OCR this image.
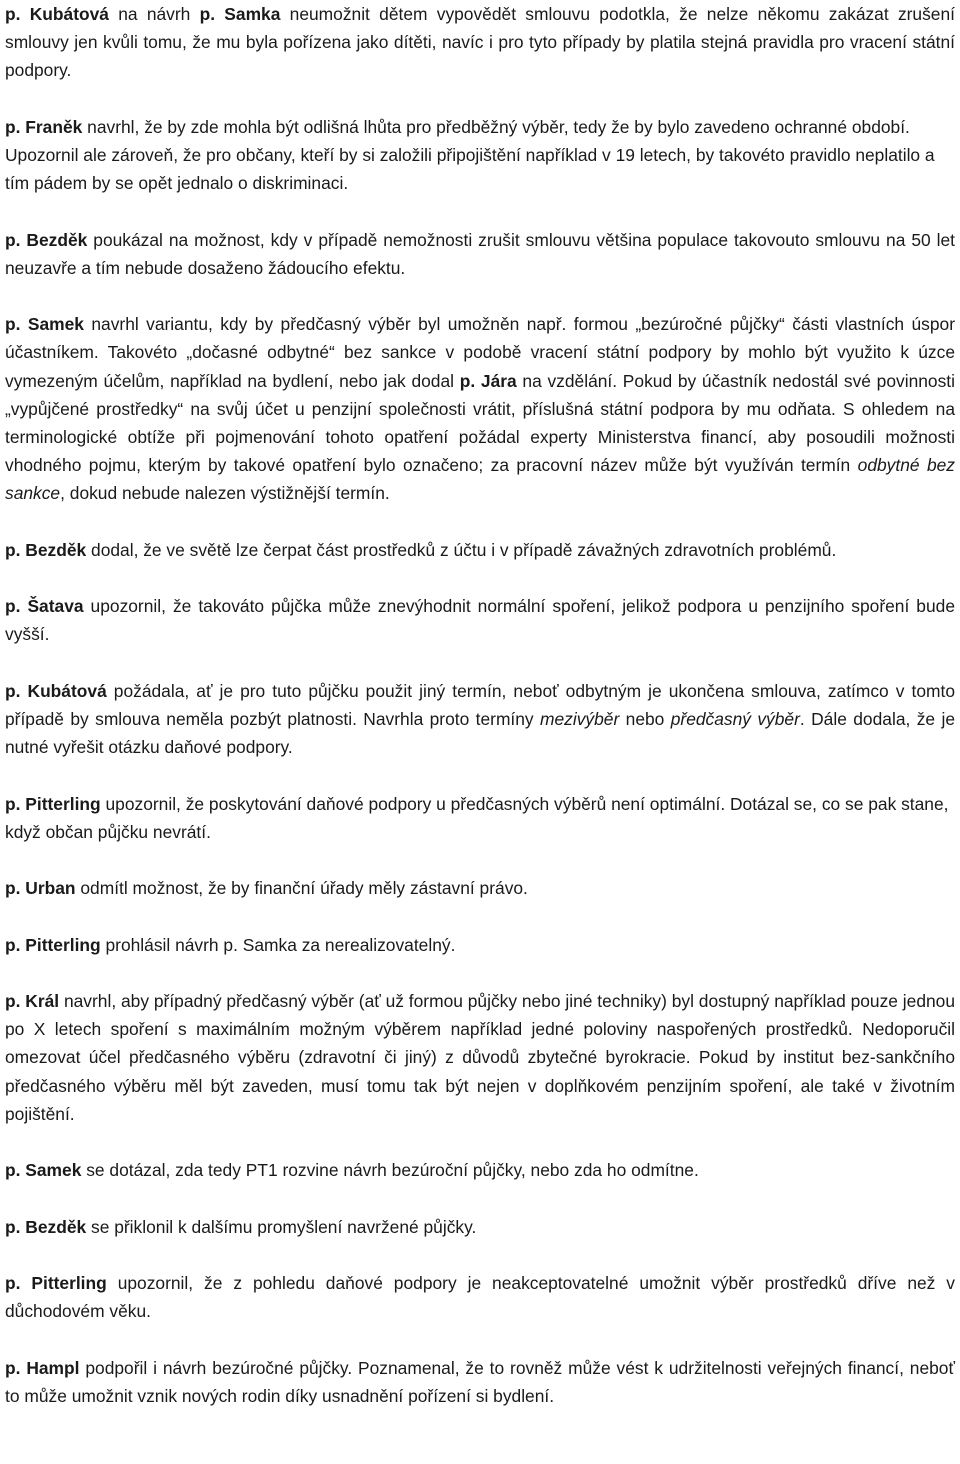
p. Kubátová na návrh p. Samka neumožnit dětem vypovědět smlouvu podotkla, že nelze někomu zakázat zrušení smlouvy jen kvůli tomu, že mu byla pořízena jako dítěti, navíc i pro tyto případy by platila stejná pravidla pro vracení státní podpory.

p. Franěk navrhl, že by zde mohla být odlišná lhůta pro předběžný výběr, tedy že by bylo zavedeno ochranné období. Upozornil ale zároveň, že pro občany, kteří by si založili připojištění například v 19 letech, by takovéto pravidlo neplatilo a tím pádem by se opět jednalo o diskriminaci.

p. Bezděk poukázal na možnost, kdy v případě nemožnosti zrušit smlouvu většina populace takovouto smlouvu na 50 let neuzavře a tím nebude dosaženo žádoucího efektu.

p. Samek navrhl variantu, kdy by předčasný výběr byl umožněn např. formou „bezúročné půjčky“ části vlastních úspor účastníkem. Takovéto „dočasné odbytné“ bez sankce v podobě vracení státní podpory by mohlo být využito k úzce vymezeným účelům, například na bydlení, nebo jak dodal p. Jára na vzdělání. Pokud by účastník nedostál své povinnosti „vypůjčené prostředky“ na svůj účet u penzijní společnosti vrátit, příslušná státní podpora by mu odňata. S ohledem na terminologické obtíže při pojmenování tohoto opatření požádal experty Ministerstva financí, aby posoudili možnosti vhodného pojmu, kterým by takové opatření bylo označeno; za pracovní název může být využíván termín odbytné bez sankce, dokud nebude nalezen výstižnější termín.

p. Bezděk dodal, že ve světě lze čerpat část prostředků z účtu i v případě závažných zdravotních problémů.

p. Šatava upozornil, že takováto půjčka může znevýhodnit normální spoření, jelikož podpora u penzijního spoření bude vyšší.

p. Kubátová požádala, ať je pro tuto půjčku použit jiný termín, neboť odbytným je ukončena smlouva, zatímco v tomto případě by smlouva neměla pozbýt platnosti. Navrhla proto termíny mezivýběr nebo předčasný výběr. Dále dodala, že je nutné vyřešit otázku daňové podpory.

p. Pitterling upozornil, že poskytování daňové podpory u předčasných výběrů není optimální. Dotázal se, co se pak stane, když občan půjčku nevrátí.

p. Urban odmítl možnost, že by finanční úřady měly zástavní právo.

p. Pitterling prohlásil návrh p. Samka za nerealizovatelný.

p. Král navrhl, aby případný předčasný výběr (ať už formou půjčky nebo jiné techniky) byl dostupný například pouze jednou po X letech spoření s maximálním možným výběrem například jedné poloviny naspořených prostředků. Nedoporučil omezovat účel předčasného výběru (zdravotní či jiný) z důvodů zbytečné byrokracie. Pokud by institut bez-sankčního předčasného výběru měl být zaveden, musí tomu tak být nejen v doplňkovém penzijním spoření, ale také v životním pojištění.

p. Samek se dotázal, zda tedy PT1 rozvine návrh bezúroční půjčky, nebo zda ho odmítne.

p. Bezděk se přiklonil k dalšímu promyšlení navržené půjčky.

p. Pitterling upozornil, že z pohledu daňové podpory je neakceptovatelné umožnit výběr prostředků dříve než v důchodovém věku.

p. Hampl podpořil i návrh bezúročné půjčky. Poznamenal, že to rovněž může vést k udržitelnosti veřejných financí, neboť to může umožnit vznik nových rodin díky usnadnění pořízení si bydlení.
